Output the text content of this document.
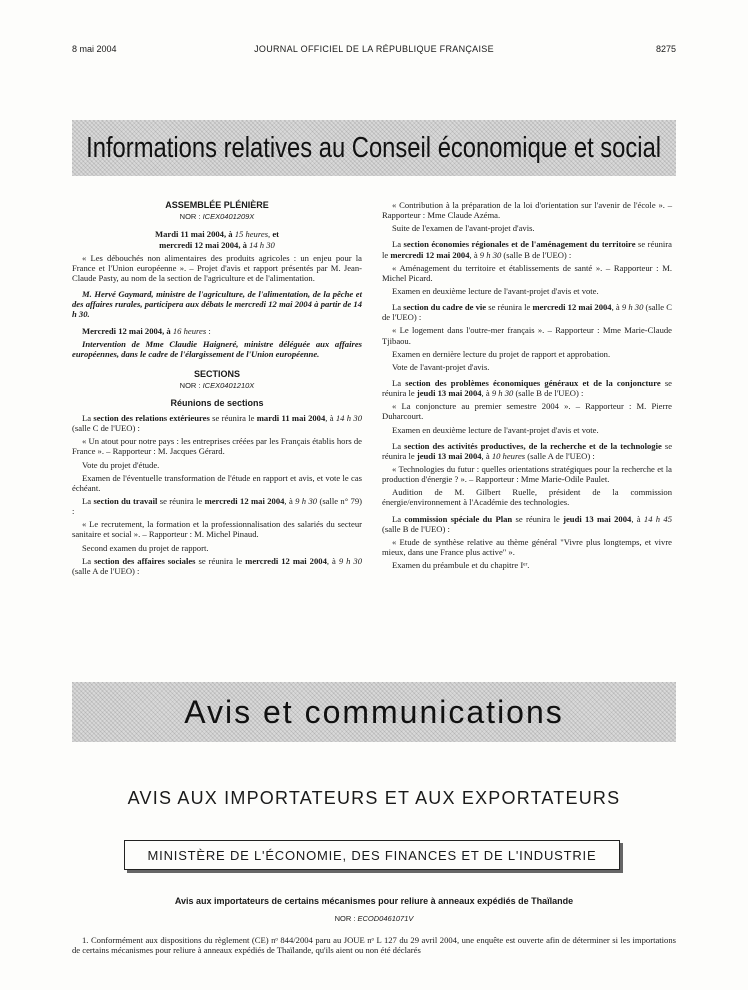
8 mai 2004	JOURNAL OFFICIEL DE LA RÉPUBLIQUE FRANÇAISE	8275
Informations relatives au Conseil économique et social
ASSEMBLÉE PLÉNIÈRE
NOR : ICEX0401209X

Mardi 11 mai 2004, à 15 heures, et
mercredi 12 mai 2004, à 14 h 30

« Les débouchés non alimentaires des produits agricoles : un enjeu pour la France et l'Union européenne ». – Projet d'avis et rapport présentés par M. Jean-Claude Pasty, au nom de la section de l'agriculture et de l'alimentation.

M. Hervé Gaymard, ministre de l'agriculture, de l'alimentation, de la pêche et des affaires rurales, participera aux débats le mercredi 12 mai 2004 à partir de 14 h 30.

Mercredi 12 mai 2004, à 16 heures :

Intervention de Mme Claudie Haigneré, ministre déléguée aux affaires européennes, dans le cadre de l'élargissement de l'Union européenne.

SECTIONS
NOR : ICEX0401210X
Réunions de sections

La section des relations extérieures se réunira le mardi 11 mai 2004, à 14 h 30 (salle C de l'UEO) :

« Un atout pour notre pays : les entreprises créées par les Français établis hors de France ». – Rapporteur : M. Jacques Gérard.

Vote du projet d'étude.

Examen de l'éventuelle transformation de l'étude en rapport et avis, et vote le cas échéant.

La section du travail se réunira le mercredi 12 mai 2004, à 9 h 30 (salle n° 79) :

« Le recrutement, la formation et la professionnalisation des salariés du secteur sanitaire et social ». – Rapporteur : M. Michel Pinaud.

Second examen du projet de rapport.

La section des affaires sociales se réunira le mercredi 12 mai 2004, à 9 h 30 (salle A de l'UEO) :

« Contribution à la préparation de la loi d'orientation sur l'avenir de l'école ». – Rapporteur : Mme Claude Azéma.

Suite de l'examen de l'avant-projet d'avis.

La section économies régionales et de l'aménagement du territoire se réunira le mercredi 12 mai 2004, à 9 h 30 (salle B de l'UEO) :

« Aménagement du territoire et établissements de santé ». – Rapporteur : M. Michel Picard.

Examen en deuxième lecture de l'avant-projet d'avis et vote.

La section du cadre de vie se réunira le mercredi 12 mai 2004, à 9 h 30 (salle C de l'UEO) :

« Le logement dans l'outre-mer français ». – Rapporteur : Mme Marie-Claude Tjibaou.

Examen en dernière lecture du projet de rapport et approbation.

Vote de l'avant-projet d'avis.

La section des problèmes économiques généraux et de la conjoncture se réunira le jeudi 13 mai 2004, à 9 h 30 (salle B de l'UEO) :

« La conjoncture au premier semestre 2004 ». – Rapporteur : M. Pierre Duharcourt.

Examen en deuxième lecture de l'avant-projet d'avis et vote.

La section des activités productives, de la recherche et de la technologie se réunira le jeudi 13 mai 2004, à 10 heures (salle A de l'UEO) :

« Technologies du futur : quelles orientations stratégiques pour la recherche et la production d'énergie ? ». – Rapporteur : Mme Marie-Odile Paulet.

Audition de M. Gilbert Ruelle, président de la commission énergie/environnement à l'Académie des technologies.

La commission spéciale du Plan se réunira le jeudi 13 mai 2004, à 14 h 45 (salle B de l'UEO) :

« Etude de synthèse relative au thème général "Vivre plus longtemps, et vivre mieux, dans une France plus active" ».

Examen du préambule et du chapitre Iᵉʳ.

Avis et communications
AVIS AUX IMPORTATEURS ET AUX EXPORTATEURS
MINISTÈRE DE L'ÉCONOMIE, DES FINANCES ET DE L'INDUSTRIE
Avis aux importateurs de certains mécanismes pour reliure à anneaux expédiés de Thaïlande
NOR : ECOD0461071V

1. Conformément aux dispositions du règlement (CE) nᵒ 844/2004 paru au JOUE nᵒ L 127 du 29 avril 2004, une enquête est ouverte afin de déterminer si les importations de certains mécanismes pour reliure à anneaux expédiés de Thaïlande, qu'ils aient ou non été déclarés
